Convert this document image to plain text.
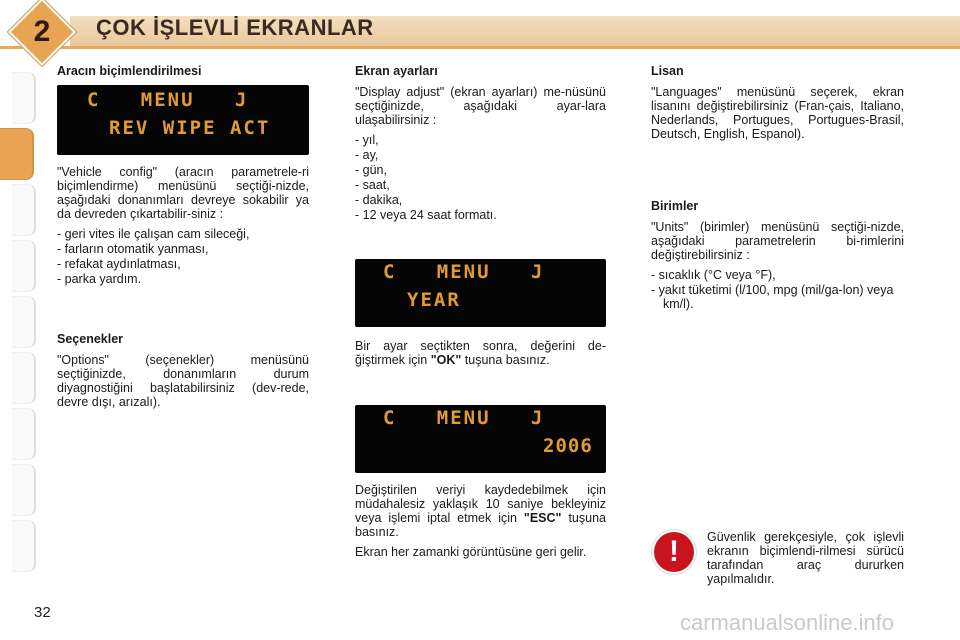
2	ÇOK İŞLEVLİ EKRANLAR
Aracın biçimlendirilmesi
C   MENU   J
REV WIPE ACT

"Vehicle config" (aracın parametrele-ri biçimlendirme) menüsünü seçtiği-nizde, aşağıdaki donanımları devreye sokabilir ya da devreden çıkartabilir-siniz :

- geri vites ile çalışan cam sileceği,
- farların otomatik yanması,
- refakat aydınlatması,
- parka yardım.
Seçenekler

"Options" (seçenekler) menüsünü seçtiğinizde, donanımların durum diyagnostiğini başlatabilirsiniz (dev-rede, devre dışı, arızalı).

Ekran ayarları

"Display adjust" (ekran ayarları) me-nüsünü seçtiğinizde, aşağıdaki ayar-lara ulaşabilirsiniz :

- yıl,
- ay,
- gün,
- saat,
- dakika,
- 12 veya 24 saat formatı.
C   MENU   J
YEAR

Bir ayar seçtikten sonra, değerini de-ğiştirmek için "OK" tuşuna basınız.

C   MENU   J
2006

Değiştirilen veriyi kaydedebilmek için müdahalesiz yaklaşık 10 saniye bekleyiniz veya işlemi iptal etmek için "ESC" tuşuna basınız.

Ekran her zamanki görüntüsüne geri gelir.

Lisan

"Languages" menüsünü seçerek, ekran lisanını değiştirebilirsiniz (Fran-çais, Italiano, Nederlands, Portugues, Portugues-Brasil, Deutsch, English, Espanol).

Birimler

"Units" (birimler) menüsünü seçtiği-nizde, aşağıdaki parametrelerin bi-rimlerini değiştirebilirsiniz :

- sıcaklık (°C veya °F),
- yakıt tüketimi (l/100, mpg (mil/ga-lon) veya km/l).
!	Güvenlik gerekçesiyle, çok işlevli ekranın biçimlendi-rilmesi sürücü tarafından araç dururken yapılmalıdır.

32	carmanualsonline.info
